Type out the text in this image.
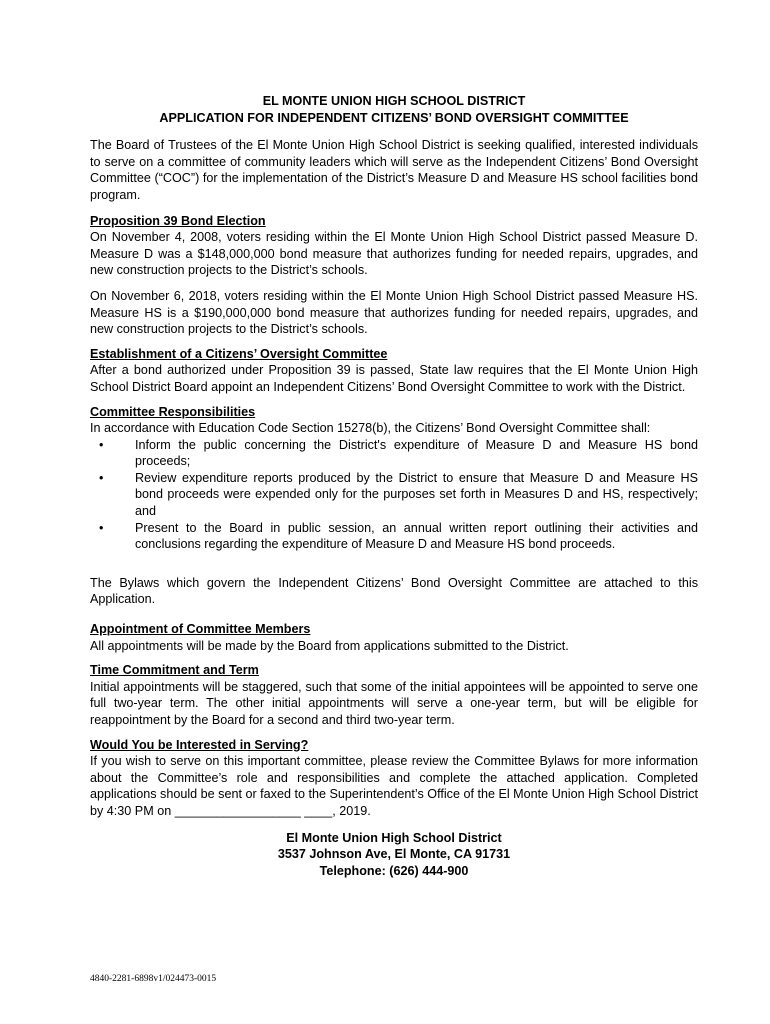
EL MONTE UNION HIGH SCHOOL DISTRICT
APPLICATION FOR INDEPENDENT CITIZENS’ BOND OVERSIGHT COMMITTEE

The Board of Trustees of the El Monte Union High School District is seeking qualified, interested individuals to serve on a committee of community leaders which will serve as the Independent Citizens’ Bond Oversight Committee (“COC”) for the implementation of the District’s Measure D and Measure HS school facilities bond program.

Proposition 39 Bond Election

On November 4, 2008, voters residing within the El Monte Union High School District passed Measure D. Measure D was a $148,000,000 bond measure that authorizes funding for needed repairs, upgrades, and new construction projects to the District’s schools.

On November 6, 2018, voters residing within the El Monte Union High School District passed Measure HS. Measure HS is a $190,000,000 bond measure that authorizes funding for needed repairs, upgrades, and new construction projects to the District’s schools.

Establishment of a Citizens’ Oversight Committee

After a bond authorized under Proposition 39 is passed, State law requires that the El Monte Union High School District Board appoint an Independent Citizens’ Bond Oversight Committee to work with the District.

Committee Responsibilities

In accordance with Education Code Section 15278(b), the Citizens’ Bond Oversight Committee shall:

•	Inform the public concerning the District's expenditure of Measure D and Measure HS bond proceeds;
•	Review expenditure reports produced by the District to ensure that Measure D and Measure HS bond proceeds were expended only for the purposes set forth in Measures D and HS, respectively; and
•	Present to the Board in public session, an annual written report outlining their activities and conclusions regarding the expenditure of Measure D and Measure HS bond proceeds.

The Bylaws which govern the Independent Citizens’ Bond Oversight Committee are attached to this Application.

Appointment of Committee Members

All appointments will be made by the Board from applications submitted to the District.

Time Commitment and Term

Initial appointments will be staggered, such that some of the initial appointees will be appointed to serve one full two-year term. The other initial appointments will serve a one-year term, but will be eligible for reappointment by the Board for a second and third two-year term.

Would You be Interested in Serving?

If you wish to serve on this important committee, please review the Committee Bylaws for more information about the Committee’s role and responsibilities and complete the attached application. Completed applications should be sent or faxed to the Superintendent’s Office of the El Monte Union High School District by 4:30 PM on __________________ ____, 2019.

El Monte Union High School District
3537 Johnson Ave, El Monte, CA 91731
Telephone: (626) 444-900
4840-2281-6898v1/024473-0015
